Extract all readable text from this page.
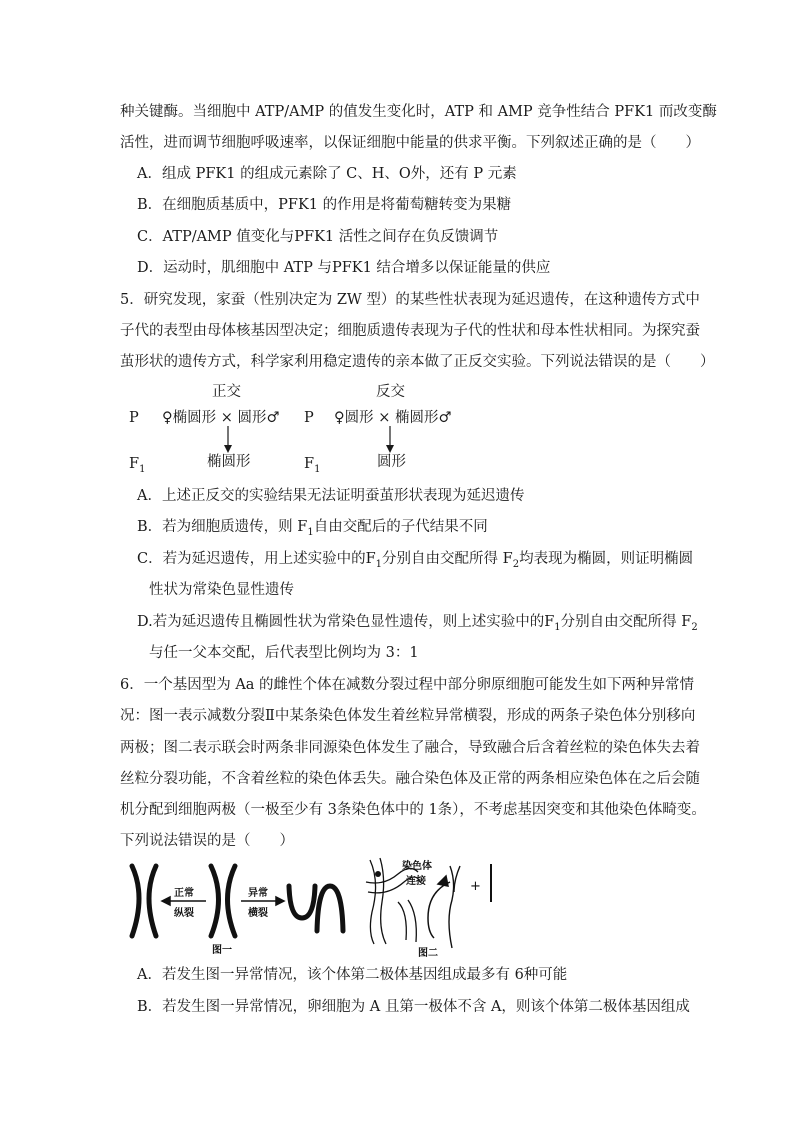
种关键酶。当细胞中 ATP/AMP 的值发生变化时，ATP 和 AMP 竞争性结合 PFK1 而改变酶
活性，进而调节细胞呼吸速率，以保证细胞中能量的供求平衡。下列叙述正确的是（　　）
A．组成 PFK1 的组成元素除了 C、H、O外，还有 P 元素
B．在细胞质基质中，PFK1 的作用是将葡萄糖转变为果糖
C．ATP/AMP 值变化与PFK1 活性之间存在负反馈调节
D．运动时，肌细胞中 ATP 与PFK1 结合增多以保证能量的供应
5．研究发现，家蚕（性别决定为 ZW 型）的某些性状表现为延迟遗传，在这种遗传方式中
子代的表型由母体核基因型决定；细胞质遗传表现为子代的性状和母本性状相同。为探究蚕
茧形状的遗传方式，科学家利用稳定遗传的亲本做了正反交实验。下列说法错误的是（　　）
正交	反交
P ♀椭圆形 × 圆形♂ P ♀圆形 × 椭圆形♂
$F_1$	椭圆形	$F_1$	圆形
A．上述正反交的实验结果无法证明蚕茧形状表现为延迟遗传
B．若为细胞质遗传，则 $F_1$自由交配后的子代结果不同
C．若为延迟遗传，用上述实验中的$F_1$分别自由交配所得 $F_2$均表现为椭圆，则证明椭圆
性状为常染色显性遗传
D.若为延迟遗传且椭圆性状为常染色显性遗传，则上述实验中的$F_1$分别自由交配所得 $F_2$
与任一父本交配，后代表型比例均为 3：1
6．一个基因型为 Aa 的雌性个体在减数分裂过程中部分卵原细胞可能发生如下两种异常情
况：图一表示减数分裂Ⅱ中某条染色体发生着丝粒异常横裂，形成的两条子染色体分别移向
两极；图二表示联会时两条非同源染色体发生了融合，导致融合后含着丝粒的染色体失去着
丝粒分裂功能，不含着丝粒的染色体丢失。融合染色体及正常的两条相应染色体在之后会随
机分配到细胞两极（一极至少有 3条染色体中的 1条），不考虑基因突变和其他染色体畸变。
下列说法错误的是（　　）
正常
纵裂
异常
横裂
图一
染色体
连接	+
图二
A．若发生图一异常情况，该个体第二极体基因组成最多有 6种可能
B．若发生图一异常情况，卵细胞为 A 且第一极体不含 A，则该个体第二极体基因组成
